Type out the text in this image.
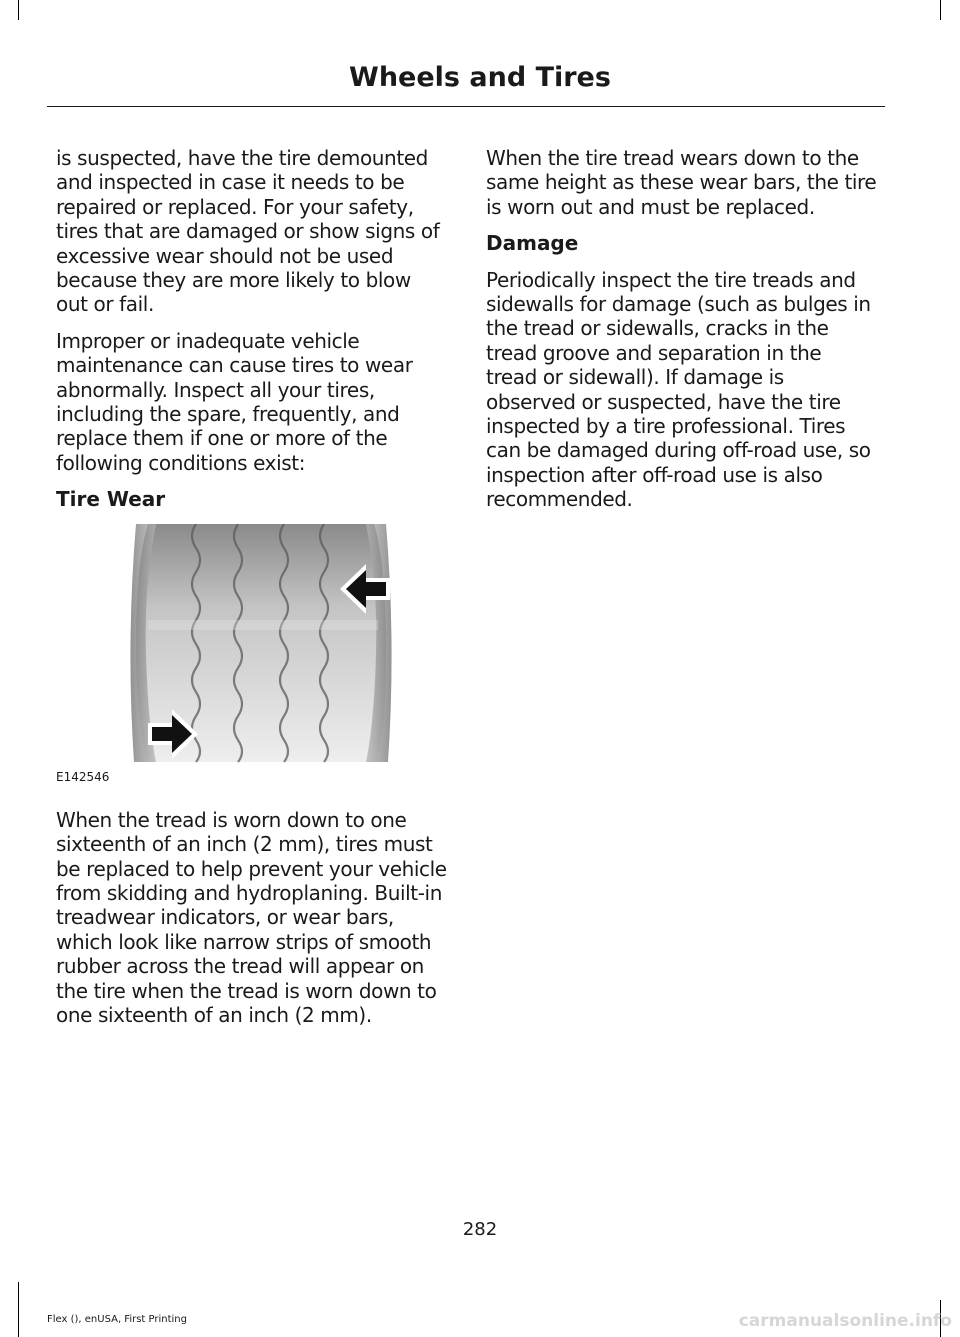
Wheels and Tires

is suspected, have the tire demounted and inspected in case it needs to be repaired or replaced. For your safety, tires that are damaged or show signs of excessive wear should not be used because they are more likely to blow out or fail.

Improper or inadequate vehicle maintenance can cause tires to wear abnormally. Inspect all your tires, including the spare, frequently, and replace them if one or more of the following conditions exist:

Tire Wear
E142546

When the tread is worn down to one sixteenth of an inch (2 mm), tires must be replaced to help prevent your vehicle from skidding and hydroplaning. Built-in treadwear indicators, or wear bars, which look like narrow strips of smooth rubber across the tread will appear on the tire when the tread is worn down to one sixteenth of an inch (2 mm).

When the tire tread wears down to the same height as these wear bars, the tire is worn out and must be replaced.

Damage

Periodically inspect the tire treads and sidewalls for damage (such as bulges in the tread or sidewalls, cracks in the tread groove and separation in the tread or sidewall). If damage is observed or suspected, have the tire inspected by a tire professional. Tires can be damaged during off-road use, so inspection after off-road use is also recommended.

282
Flex (), enUSA, First Printing	carmanualsonline.info
